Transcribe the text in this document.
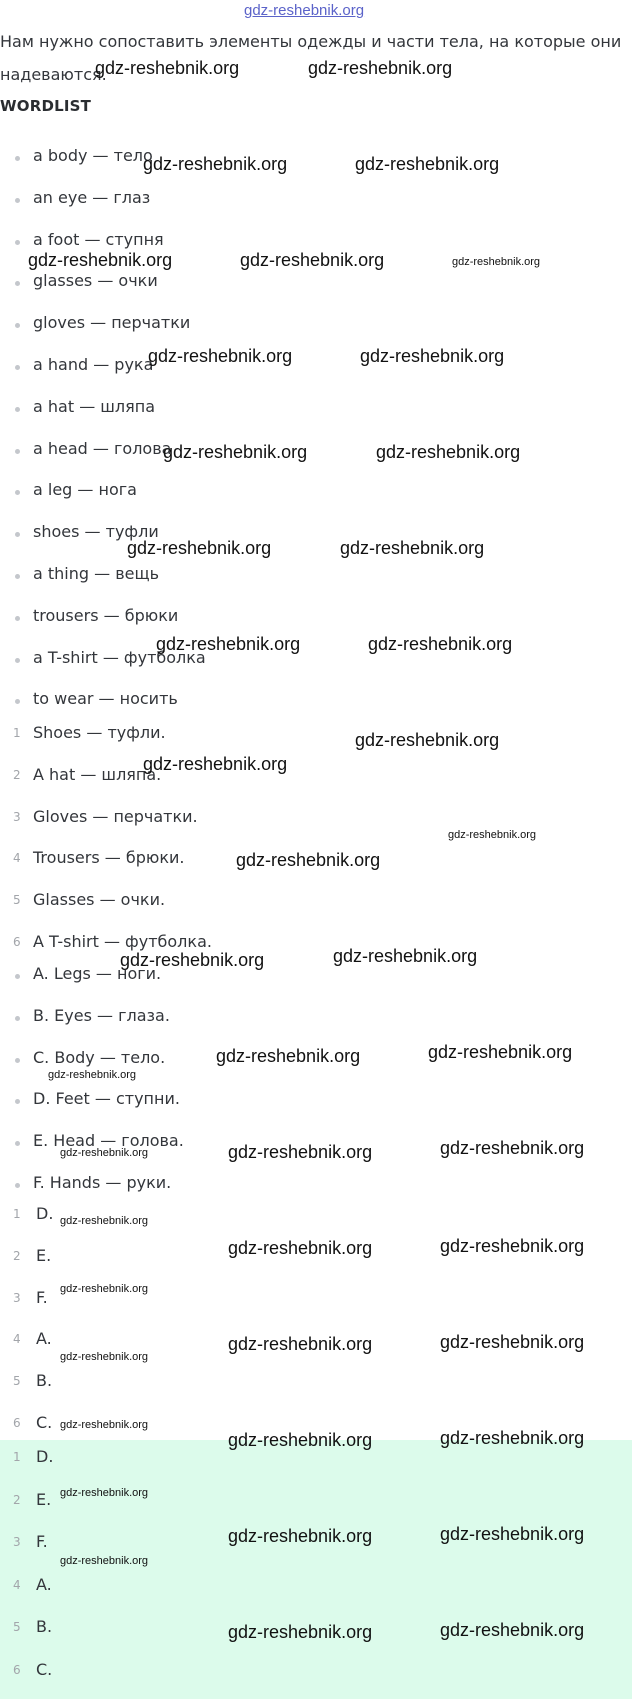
gdz-reshebnik.org
Нам нужно сопоставить элементы одежды и части тела, на которые они
надеваются.
WORDLIST
a body — тело
an eye — глаз
a foot — ступня
glasses — очки
gloves — перчатки
a hand — рука
a hat — шляпа
a head — голова
a leg — нога
shoes — туфли
a thing — вещь
trousers — брюки
a T-shirt — футболка
to wear — носить
1 Shoes — туфли.
2 A hat — шляпа.
3 Gloves — перчатки.
4 Trousers — брюки.
5 Glasses — очки.
6 A T-shirt — футболка.
A. Legs — ноги.
B. Eyes — глаза.
C. Body — тело.
D. Feet — ступни.
E. Head — голова.
F. Hands — руки.
1 D.
2 E.
3 F.
4 A.
5 B.
6 C.
1 D.
2 E.
3 F.
4 A.
5 B.
6 C.
gdz-reshebnik.org	gdz-reshebnik.org
gdz-reshebnik.org	gdz-reshebnik.org
gdz-reshebnik.org	gdz-reshebnik.org	gdz-reshebnik.org
gdz-reshebnik.org	gdz-reshebnik.org
gdz-reshebnik.org	gdz-reshebnik.org
gdz-reshebnik.org	gdz-reshebnik.org
gdz-reshebnik.org	gdz-reshebnik.org
gdz-reshebnik.org
gdz-reshebnik.org
gdz-reshebnik.org
gdz-reshebnik.org
gdz-reshebnik.org	gdz-reshebnik.org
gdz-reshebnik.org	gdz-reshebnik.org
gdz-reshebnik.org
gdz-reshebnik.org	gdz-reshebnik.org
gdz-reshebnik.org
gdz-reshebnik.org
gdz-reshebnik.org	gdz-reshebnik.org
gdz-reshebnik.org
gdz-reshebnik.org	gdz-reshebnik.org
gdz-reshebnik.org
gdz-reshebnik.org	gdz-reshebnik.org
gdz-reshebnik.org
gdz-reshebnik.org	gdz-reshebnik.org
gdz-reshebnik.org
gdz-reshebnik.org	gdz-reshebnik.org
gdz-reshebnik.org
